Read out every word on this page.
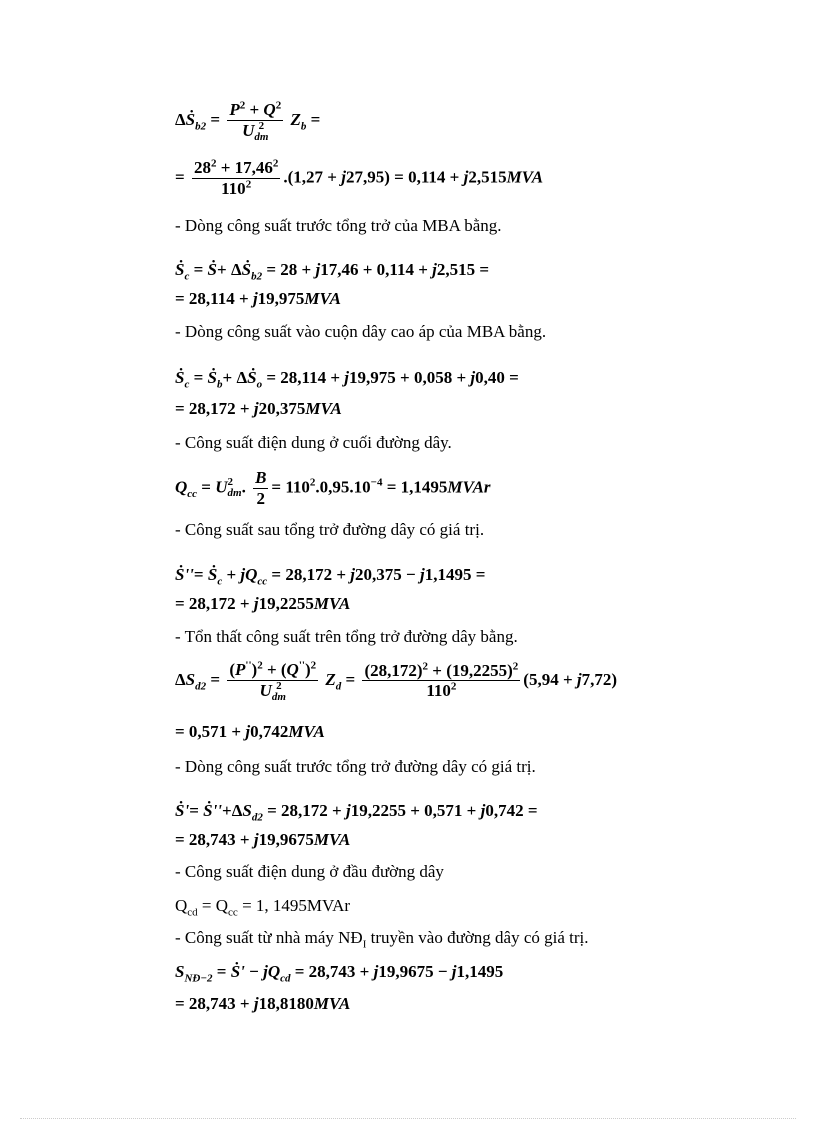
ΔṠ$_{b2}$ = $P^2 + Q^2$
U 2
dm $Z_b$ =
= $\frac{28^2 + 17,46^2}{110^2} .(1,27 + j27,95) = 0,114 + j2,515MVA$
- Dòng công suất trước tổng trở của MBA bằng.
Ṡ$_c$ = Ṡ+ ΔṠ$_{b2}$ = 28 + j17,46 + 0,114 + j2,515 =
= 28,114 + j19,975MVA
- Dòng công suất vào cuộn dây cao áp của MBA bằng.
Ṡ$_c$ = Ṡ$_b$+ ΔṠ$_o$ = 28,114 + j19,975 + 0,058 + j0,40 =
= 28,172 + j20,375MVA
- Công suất điện dung ở cuối đường dây.
$Q_{cc} = U$ 2
dm . $\frac{B}{2} = 110^2.0,95.10^{-4}$ = 1,1495MVAr
- Công suất sau tổng trở đường dây có giá trị.
Ṡ''= Ṡ$_c$ + $jQ_{cc} = 28,172 + j20,375 - j1,1495$ =
= 28,172 + j19,2255MVA
- Tổn thất công suất trên tổng trở đường dây bằng.
$\Delta S_{d2} = (P'')^2 + (Q'')^2$
U 2
dm $Z_d = \frac{(28,172)^2 + (19,2255)^2}{110^2} (5,94 + j7,72)$
= 0,571 + j0,742MVA
- Dòng công suất trước tổng trở đường dây có giá trị.
Ṡ'= $Ṡ''+\Delta S_{d2} = 28,172 + j19,2255 + 0,571 + j0,742$ =
= 28,743 + j19,9675MVA
- Công suất điện dung ở đầu đường dây
$Q_{cd} = Q_{cc} = 1$, 1495MVAr
- Công suất từ nhà máy $NĐ_I$ truyền vào đường dây có giá trị.
$S_{NĐ-2}$ = Ṡ' − $jQ_{cd} = 28,743 + j19,9675 - j1,1495$
= 28,743 + j18,8180MVA
